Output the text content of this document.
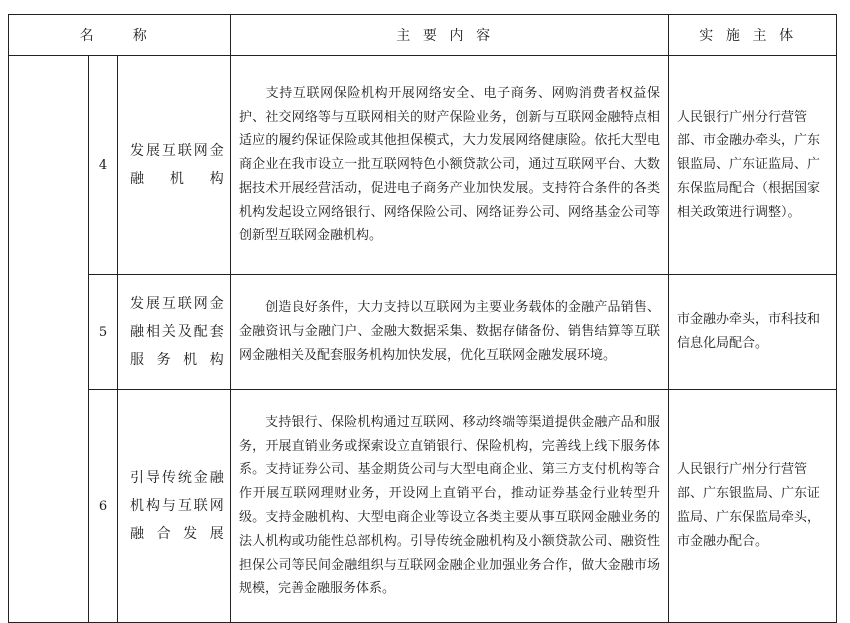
名　称			主要内容	实施主体
	4	发展互联网金融机构	支持互联网保险机构开展网络安全、电子商务、网购消费者权益保护、社交网络等与互联网相关的财产保险业务，创新与互联网金融特点相适应的履约保证保险或其他担保模式，大力发展网络健康险。依托大型电商企业在我市设立一批互联网特色小额贷款公司，通过互联网平台、大数据技术开展经营活动，促进电子商务产业加快发展。支持符合条件的各类机构发起设立网络银行、网络保险公司、网络证券公司、网络基金公司等创新型互联网金融机构。	人民银行广州分行营管部、市金融办牵头，广东银监局、广东证监局、广东保监局配合（根据国家相关政策进行调整）。
	5	发展互联网金融相关及配套服务机构	创造良好条件，大力支持以互联网为主要业务载体的金融产品销售、金融资讯与金融门户、金融大数据采集、数据存储备份、销售结算等互联网金融相关及配套服务机构加快发展，优化互联网金融发展环境。	市金融办牵头，市科技和信息化局配合。
	6	引导传统金融机构与互联网融合发展	支持银行、保险机构通过互联网、移动终端等渠道提供金融产品和服务，开展直销业务或探索设立直销银行、保险机构，完善线上线下服务体系。支持证券公司、基金期货公司与大型电商企业、第三方支付机构等合作开展互联网理财业务，开设网上直销平台，推动证券基金行业转型升级。支持金融机构、大型电商企业等设立各类主要从事互联网金融业务的法人机构或功能性总部机构。引导传统金融机构及小额贷款公司、融资性担保公司等民间金融组织与互联网金融企业加强业务合作，做大金融市场规模，完善金融服务体系。	人民银行广州分行营管部、广东银监局、广东证监局、广东保监局牵头，市金融办配合。
